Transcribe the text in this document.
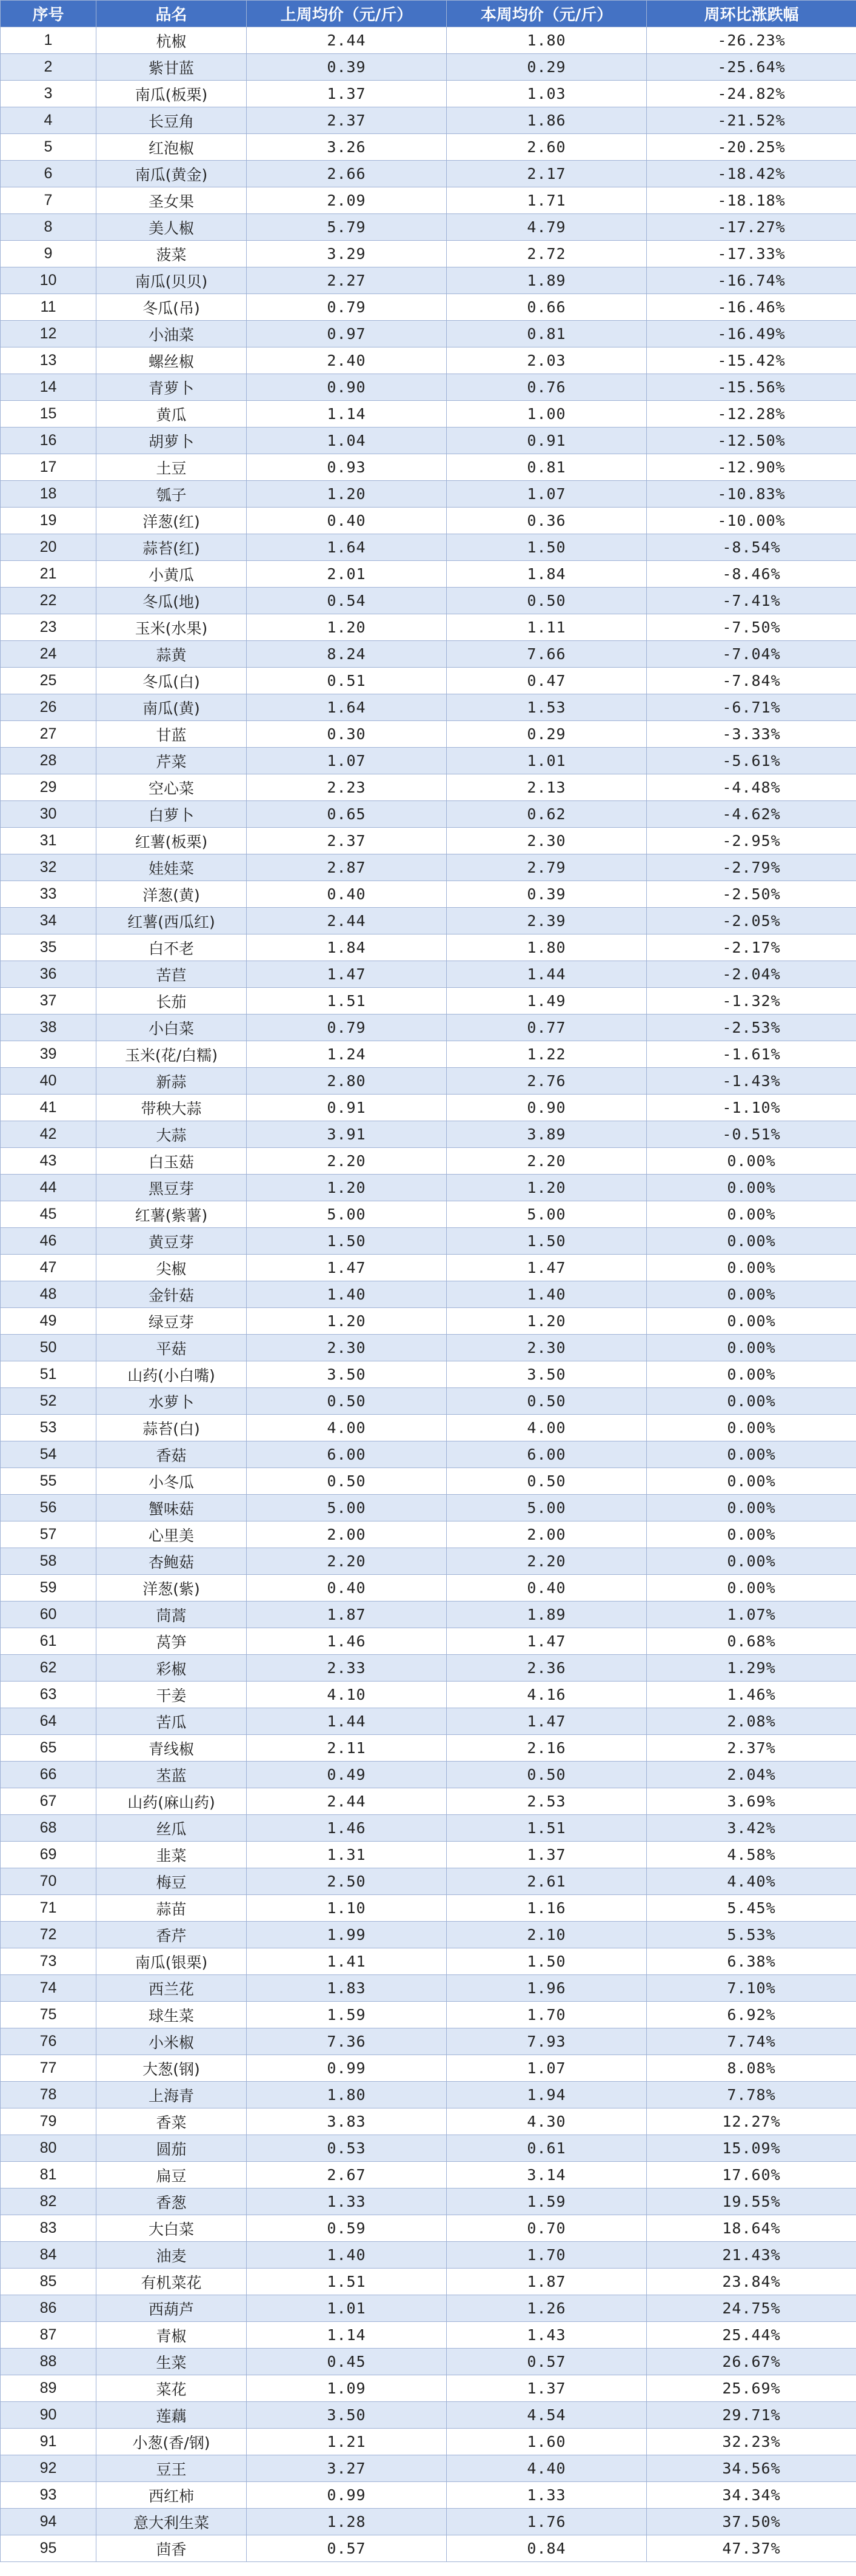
序号	品名	上周均价（元/斤）	本周均价（元/斤）	周环比涨跌幅
1	杭椒	2.44	1.80	-26.23%
2	紫甘蓝	0.39	0.29	-25.64%
3	南瓜(板栗)	1.37	1.03	-24.82%
4	长豆角	2.37	1.86	-21.52%
5	红泡椒	3.26	2.60	-20.25%
6	南瓜(黄金)	2.66	2.17	-18.42%
7	圣女果	2.09	1.71	-18.18%
8	美人椒	5.79	4.79	-17.27%
9	菠菜	3.29	2.72	-17.33%
10	南瓜(贝贝)	2.27	1.89	-16.74%
11	冬瓜(吊)	0.79	0.66	-16.46%
12	小油菜	0.97	0.81	-16.49%
13	螺丝椒	2.40	2.03	-15.42%
14	青萝卜	0.90	0.76	-15.56%
15	黄瓜	1.14	1.00	-12.28%
16	胡萝卜	1.04	0.91	-12.50%
17	土豆	0.93	0.81	-12.90%
18	瓠子	1.20	1.07	-10.83%
19	洋葱(红)	0.40	0.36	-10.00%
20	蒜苔(红)	1.64	1.50	-8.54%
21	小黄瓜	2.01	1.84	-8.46%
22	冬瓜(地)	0.54	0.50	-7.41%
23	玉米(水果)	1.20	1.11	-7.50%
24	蒜黄	8.24	7.66	-7.04%
25	冬瓜(白)	0.51	0.47	-7.84%
26	南瓜(黄)	1.64	1.53	-6.71%
27	甘蓝	0.30	0.29	-3.33%
28	芹菜	1.07	1.01	-5.61%
29	空心菜	2.23	2.13	-4.48%
30	白萝卜	0.65	0.62	-4.62%
31	红薯(板栗)	2.37	2.30	-2.95%
32	娃娃菜	2.87	2.79	-2.79%
33	洋葱(黄)	0.40	0.39	-2.50%
34	红薯(西瓜红)	2.44	2.39	-2.05%
35	白不老	1.84	1.80	-2.17%
36	苦苣	1.47	1.44	-2.04%
37	长茄	1.51	1.49	-1.32%
38	小白菜	0.79	0.77	-2.53%
39	玉米(花/白糯)	1.24	1.22	-1.61%
40	新蒜	2.80	2.76	-1.43%
41	带秧大蒜	0.91	0.90	-1.10%
42	大蒜	3.91	3.89	-0.51%
43	白玉菇	2.20	2.20	0.00%
44	黑豆芽	1.20	1.20	0.00%
45	红薯(紫薯)	5.00	5.00	0.00%
46	黄豆芽	1.50	1.50	0.00%
47	尖椒	1.47	1.47	0.00%
48	金针菇	1.40	1.40	0.00%
49	绿豆芽	1.20	1.20	0.00%
50	平菇	2.30	2.30	0.00%
51	山药(小白嘴)	3.50	3.50	0.00%
52	水萝卜	0.50	0.50	0.00%
53	蒜苔(白)	4.00	4.00	0.00%
54	香菇	6.00	6.00	0.00%
55	小冬瓜	0.50	0.50	0.00%
56	蟹味菇	5.00	5.00	0.00%
57	心里美	2.00	2.00	0.00%
58	杏鲍菇	2.20	2.20	0.00%
59	洋葱(紫)	0.40	0.40	0.00%
60	茼蒿	1.87	1.89	1.07%
61	莴笋	1.46	1.47	0.68%
62	彩椒	2.33	2.36	1.29%
63	干姜	4.10	4.16	1.46%
64	苦瓜	1.44	1.47	2.08%
65	青线椒	2.11	2.16	2.37%
66	苤蓝	0.49	0.50	2.04%
67	山药(麻山药)	2.44	2.53	3.69%
68	丝瓜	1.46	1.51	3.42%
69	韭菜	1.31	1.37	4.58%
70	梅豆	2.50	2.61	4.40%
71	蒜苗	1.10	1.16	5.45%
72	香芹	1.99	2.10	5.53%
73	南瓜(银栗)	1.41	1.50	6.38%
74	西兰花	1.83	1.96	7.10%
75	球生菜	1.59	1.70	6.92%
76	小米椒	7.36	7.93	7.74%
77	大葱(钢)	0.99	1.07	8.08%
78	上海青	1.80	1.94	7.78%
79	香菜	3.83	4.30	12.27%
80	圆茄	0.53	0.61	15.09%
81	扁豆	2.67	3.14	17.60%
82	香葱	1.33	1.59	19.55%
83	大白菜	0.59	0.70	18.64%
84	油麦	1.40	1.70	21.43%
85	有机菜花	1.51	1.87	23.84%
86	西葫芦	1.01	1.26	24.75%
87	青椒	1.14	1.43	25.44%
88	生菜	0.45	0.57	26.67%
89	菜花	1.09	1.37	25.69%
90	莲藕	3.50	4.54	29.71%
91	小葱(香/钢)	1.21	1.60	32.23%
92	豆王	3.27	4.40	34.56%
93	西红柿	0.99	1.33	34.34%
94	意大利生菜	1.28	1.76	37.50%
95	茴香	0.57	0.84	47.37%
